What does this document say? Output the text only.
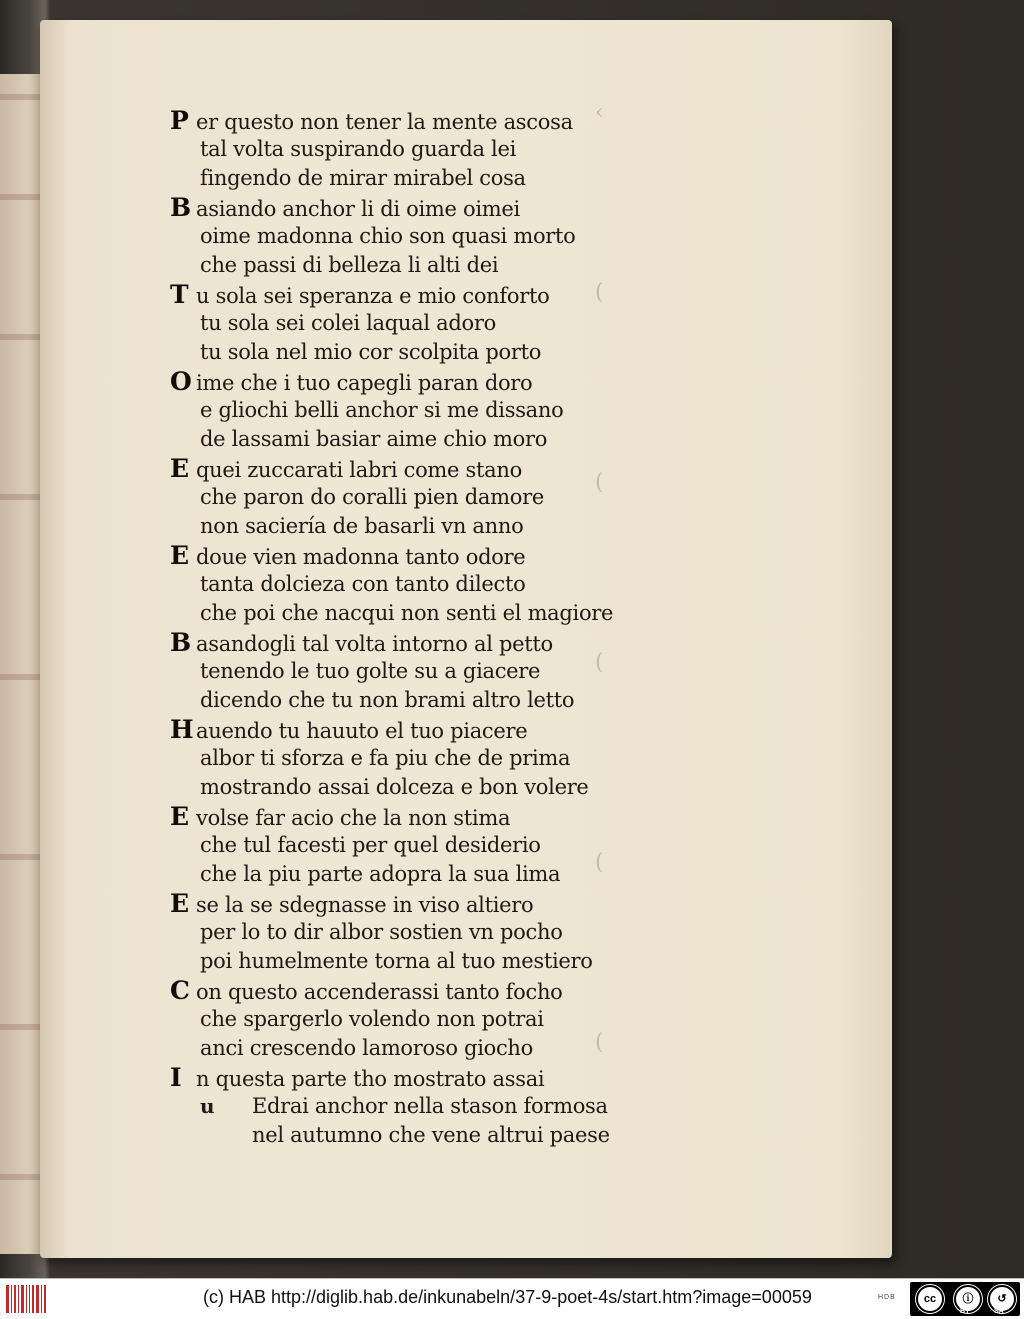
‹
(
(
(
(
(
P er questo non tener la mente ascosa
tal volta suspirando guarda lei
fingendo de mirar mirabel cosa
B asiando anchor li di oime oimei
oime madonna chio son quasi morto
che passi di belleza li alti dei
T u sola sei speranza e mio conforto
tu sola sei colei laqual adoro
tu sola nel mio cor scolpita porto
O ime che i tuo capegli paran doro
e gliochi belli anchor si me dissano
de lassami basiar aime chio moro
E quei zuccarati labri come stano
che paron do coralli pien damore
non saciería de basarli vn anno
E doue vien madonna tanto odore
tanta dolcieza con tanto dilecto
che poi che nacqui non senti el magiore
B asandogli tal volta intorno al petto
tenendo le tuo golte su a giacere
dicendo che tu non brami altro letto
H auendo tu hauuto el tuo piacere
albor ti sforza e fa piu che de prima
mostrando assai dolceza e bon volere
E volse far acio che la non stima
che tul facesti per quel desiderio
che la piu parte adopra la sua lima
E se la se sdegnasse in viso altiero
per lo to dir albor sostien vn pocho
poi humelmente torna al tuo mestiero
C on questo accenderassi tanto focho
che spargerlo volendo non potrai
anci crescendo lamoroso giocho
I n questa parte tho mostrato assai
u Edrai anchor nella stason formosa
nel autumno che vene altrui paese
(c) HAB http://diglib.hab.de/inkunabeln/37-9-poet-4s/start.htm?image=00059	HDB	cc	ⓘ	↺
BY	SA
